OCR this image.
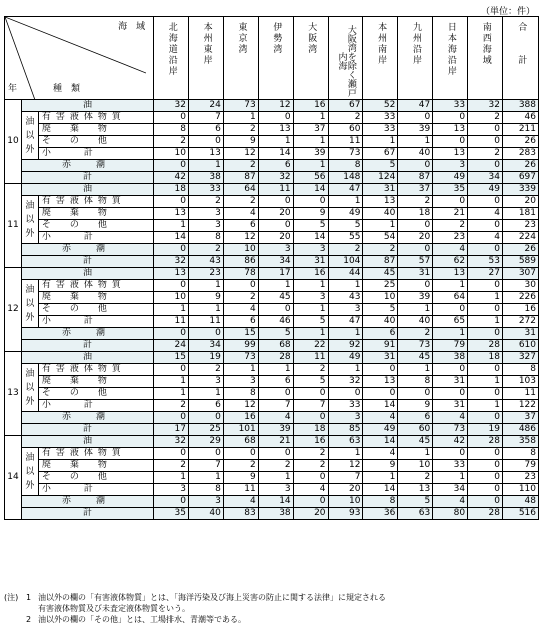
（単位：件）
海　域
種　類
年			北海道沿岸	本州東岸	東京湾	伊勢湾	大阪湾	大阪湾を除く瀬戸内海	本州南岸	九州沿岸	日本海沿岸	南西海域	合　　計
10	油		32	24	73	12	16	67	52	47	33	32	388

	油
以
外	有害液体物質	0	7	1	0	1	2	33	0	0	2	46
		廃　棄　物	8	6	2	13	37	60	33	39	13	0	211
		そ　の　他	2	0	9	1	1	11	1	1	0	0	26
		小　　計	10	13	12	14	39	73	67	40	13	2	283
	赤　潮		0	1	2	6	1	8	5	0	3	0	26
	計		42	38	87	32	56	148	124	87	49	34	697
11	油		18	33	64	11	14	47	31	37	35	49	339

	油
以
外	有害液体物質	0	2	2	0	0	1	13	2	0	0	20
		廃　棄　物	13	3	4	20	9	49	40	18	21	4	181
		そ　の　他	1	3	6	0	5	5	1	0	2	0	23
		小　　計	14	8	12	20	14	55	54	20	23	4	224
	赤　潮		0	2	10	3	3	2	2	0	4	0	26
	計		32	43	86	34	31	104	87	57	62	53	589
12	油		13	23	78	17	16	44	45	31	13	27	307

	油
以
外	有害液体物質	0	1	0	1	1	1	25	0	1	0	30
		廃　棄　物	10	9	2	45	3	43	10	39	64	1	226
		そ　の　他	1	1	4	0	1	3	5	1	0	0	16
		小　　計	11	11	6	46	5	47	40	40	65	1	272
	赤　潮		0	0	15	5	1	1	6	2	1	0	31
	計		24	34	99	68	22	92	91	73	79	28	610
13	油		15	19	73	28	11	49	31	45	38	18	327

	油
以
外	有害液体物質	0	2	1	1	2	1	0	1	0	0	8
		廃　棄　物	1	3	3	6	5	32	13	8	31	1	103
		そ　の　他	1	1	8	0	0	0	0	0	0	0	11
		小　　計	2	6	12	7	7	33	14	9	31	1	122
	赤　潮		0	0	16	4	0	3	4	6	4	0	37
	計		17	25	101	39	18	85	49	60	73	19	486
14	油		32	29	68	21	16	63	14	45	42	28	358

	油
以
外	有害液体物質	0	0	0	0	2	1	4	1	0	0	8
		廃　棄　物	2	7	2	2	2	12	9	10	33	0	79
		そ　の　他	1	1	9	1	0	7	1	2	1	0	23
		小　　計	3	8	11	3	4	20	14	13	34	0	110
	赤　潮		0	3	4	14	0	10	8	5	4	0	48
	計		35	40	83	38	20	93	36	63	80	28	516
(注) 1 油以外の欄の「有害液体物質」とは、「海洋汚染及び海上災害の防止に関する法律」に規定される
有害液体物質及び未査定液体物質をいう。
2 油以外の欄の「その他」とは、工場排水、青潮等である。
